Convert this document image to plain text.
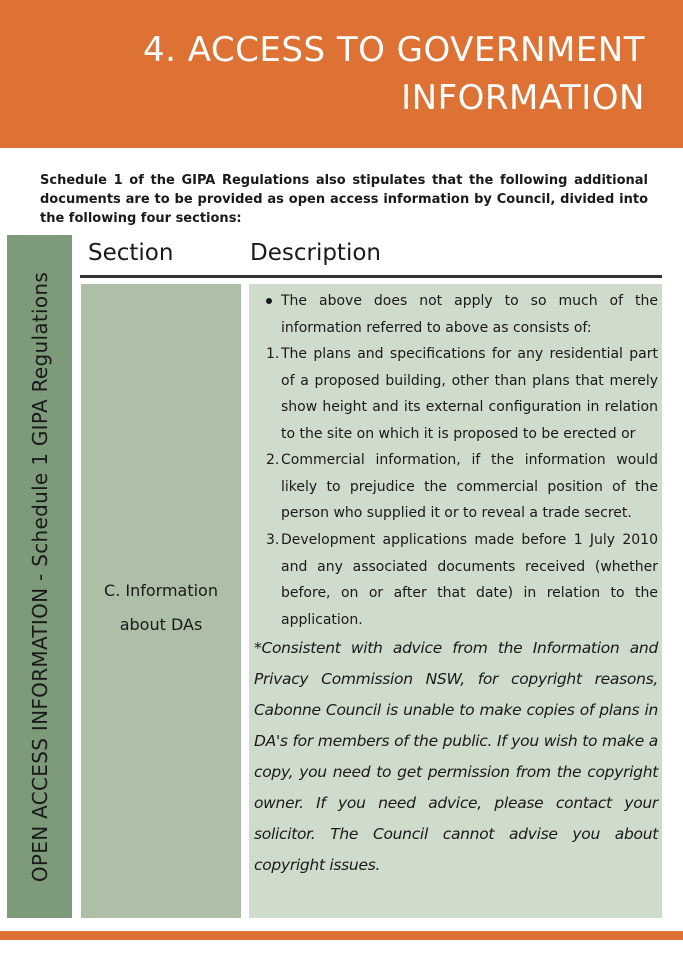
4. ACCESS TO GOVERNMENT INFORMATION

Schedule 1 of the GIPA Regulations also stipulates that the following additional documents are to be provided as open access information by Council, divided into the following four sections:

OPEN ACCESS INFORMATION - Schedule 1 GIPA Regulations
Section	Description
C. Information about DAs
The above does not apply to so much of the information referred to above as consists of:
1. The plans and specifications for any residential part of a proposed building, other than plans that merely show height and its external configuration in relation to the site on which it is proposed to be erected or
2. Commercial information, if the information would likely to prejudice the commercial position of the person who supplied it or to reveal a trade secret.
3. Development applications made before 1 July 2010 and any associated documents received (whether before, on or after that date) in relation to the application.
*Consistent with advice from the Information and Privacy Commission NSW, for copyright reasons, Cabonne Council is unable to make copies of plans in DA's for members of the public. If you wish to make a copy, you need to get permission from the copyright owner. If you need advice, please contact your solicitor. The Council cannot advise you about copyright issues.
